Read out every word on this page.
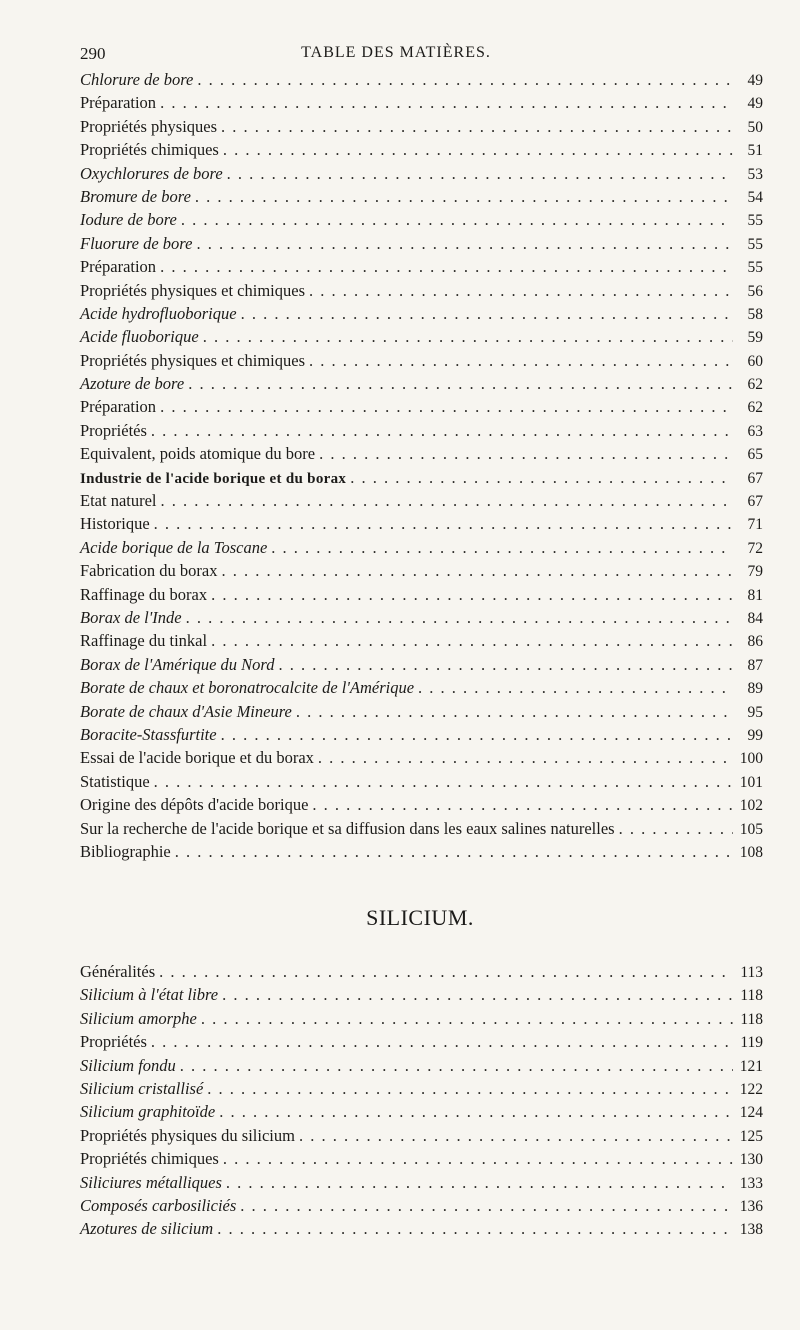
290	TABLE DES MATIÈRES.
Chlorure de bore . . .	49
Préparation . . .	49
Propriétés physiques . . .	50
Propriétés chimiques . . .	51
Oxychlorures de bore . . .	53
Bromure de bore . . .	54
Iodure de bore . . .	55
Fluorure de bore . . .	55
Préparation . . .	55
Propriétés physiques et chimiques . . .	56
Acide hydrofluoborique . . .	58
Acide fluoborique . . .	59
Propriétés physiques et chimiques . . .	60
Azoture de bore . . .	62
Préparation . . .	62
Propriétés . . .	63
Equivalent, poids atomique du bore . . .	65
Industrie de l'acide borique et du borax . . .	67
Etat naturel . . .	67
Historique . . .	71
Acide borique de la Toscane . . .	72
Fabrication du borax . . .	79
Raffinage du borax . . .	81
Borax de l'Inde . . .	84
Raffinage du tinkal . . .	86
Borax de l'Amérique du Nord . . .	87
Borate de chaux et boronatrocalcite de l'Amérique . . .	89
Borate de chaux d'Asie Mineure . . .	95
Boracite-Stassfurtite . . .	99
Essai de l'acide borique et du borax . . .	100
Statistique . . .	101
Origine des dépôts d'acide borique . . .	102
Sur la recherche de l'acide borique et sa diffusion dans les eaux salines naturelles . . .	105
Bibliographie . . .	108
SILICIUM.
Généralités . . .	113
Silicium à l'état libre . . .	118
Silicium amorphe . . .	118
Propriétés . . .	119
Silicium fondu . . .	121
Silicium cristallisé . . .	122
Silicium graphitoïde . . .	124
Propriétés physiques du silicium . . .	125
Propriétés chimiques . . .	130
Siliciures métalliques . . .	133
Composés carbosiliciés . . .	136
Azotures de silicium . . .	138
